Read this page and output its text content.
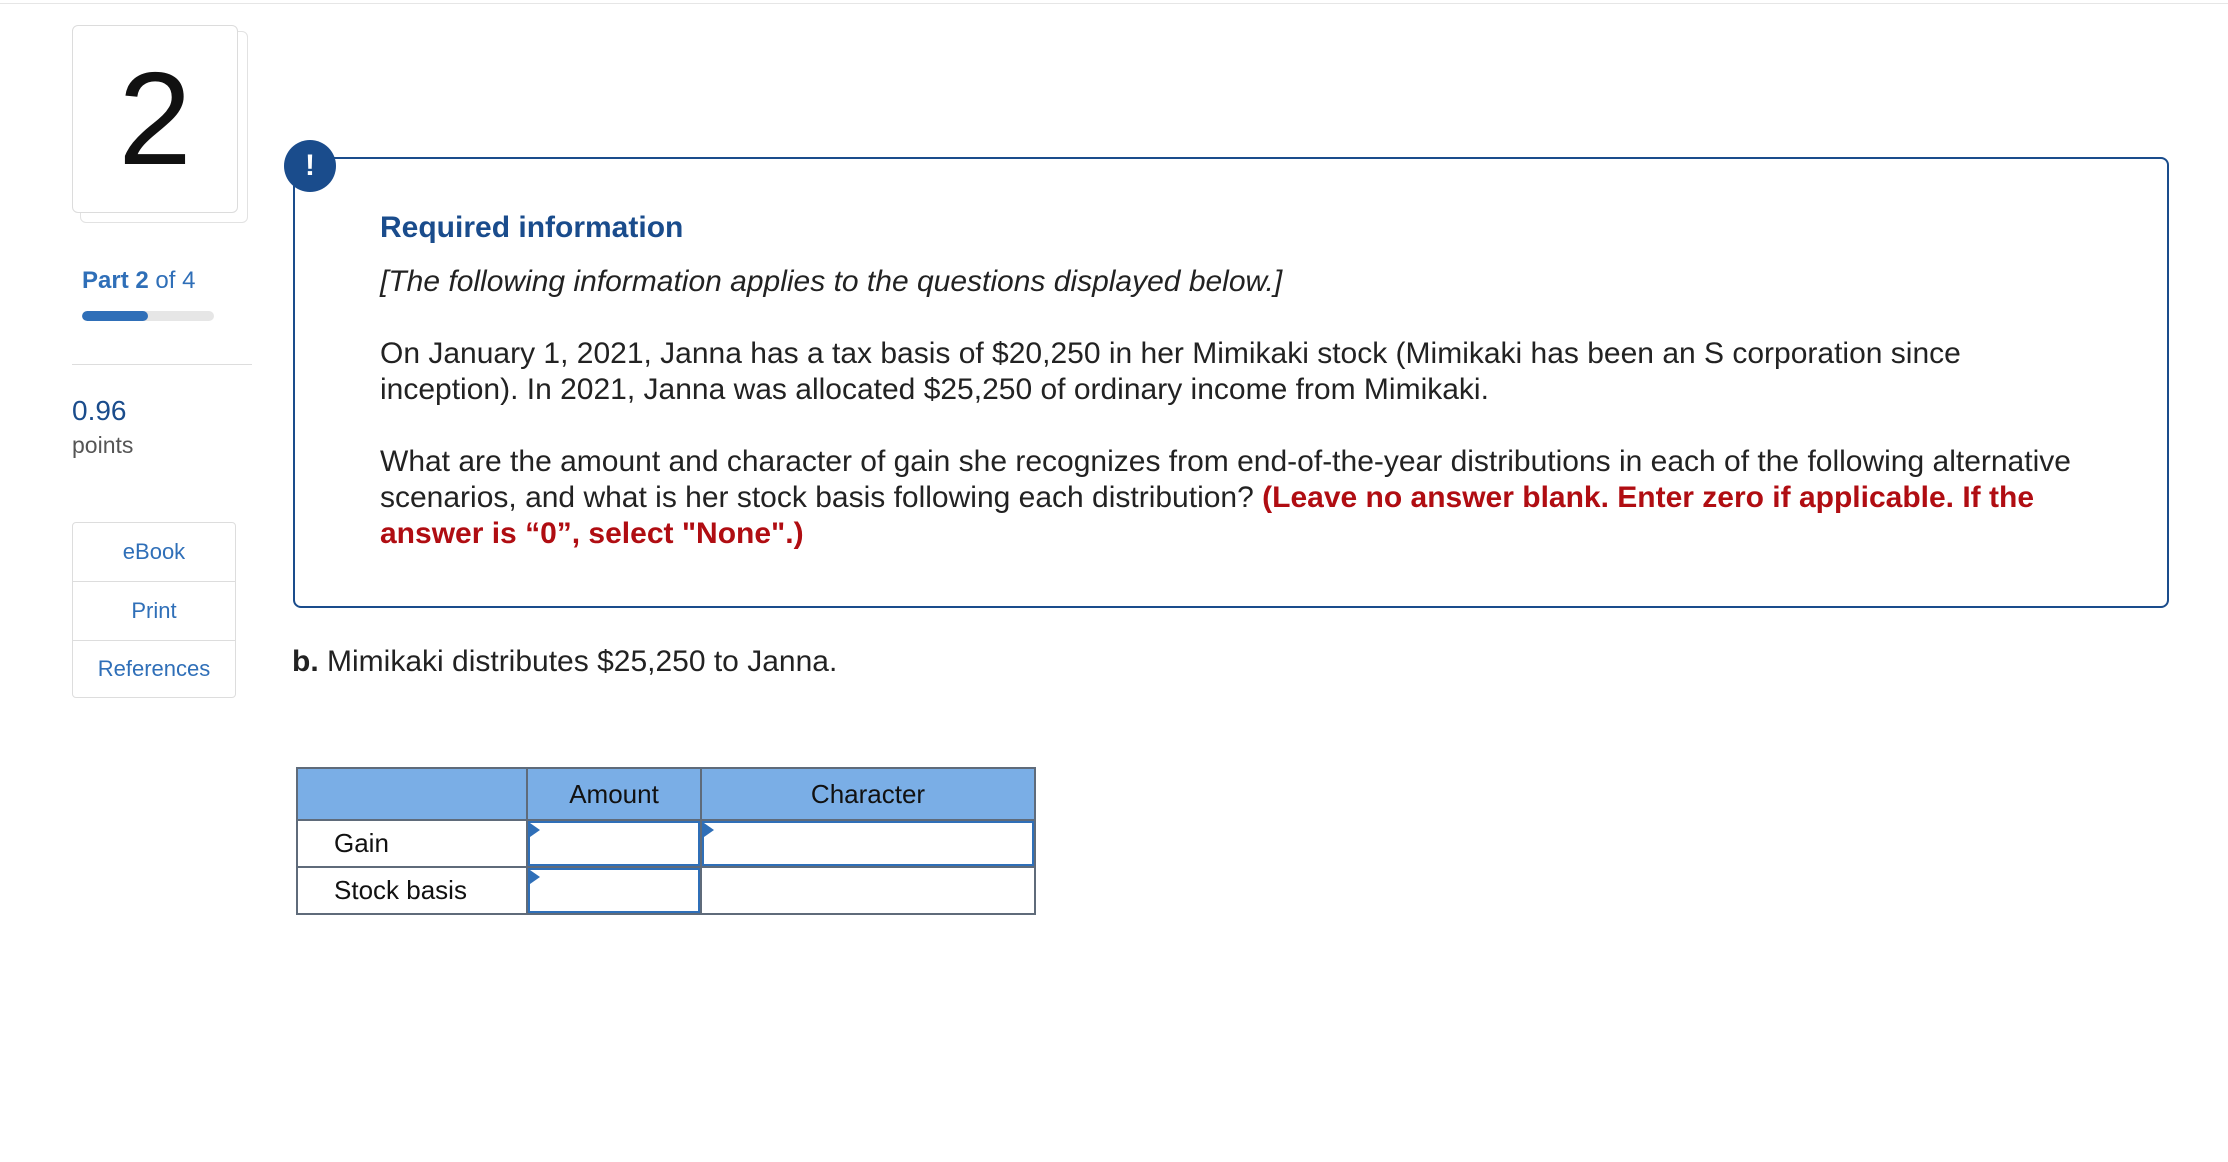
2
Part 2 of 4
0.96
points
eBook
Print
References
!
Required information
[The following information applies to the questions displayed below.]
On January 1, 2021, Janna has a tax basis of $20,250 in her Mimikaki stock (Mimikaki has been an S corporation since inception). In 2021, Janna was allocated $25,250 of ordinary income from Mimikaki.
What are the amount and character of gain she recognizes from end-of-the-year distributions in each of the following alternative scenarios, and what is her stock basis following each distribution? (Leave no answer blank. Enter zero if applicable. If the answer is “0”, select "None".)
b. Mimikaki distributes $25,250 to Janna.
	Amount	Character
Gain	

Stock basis	
